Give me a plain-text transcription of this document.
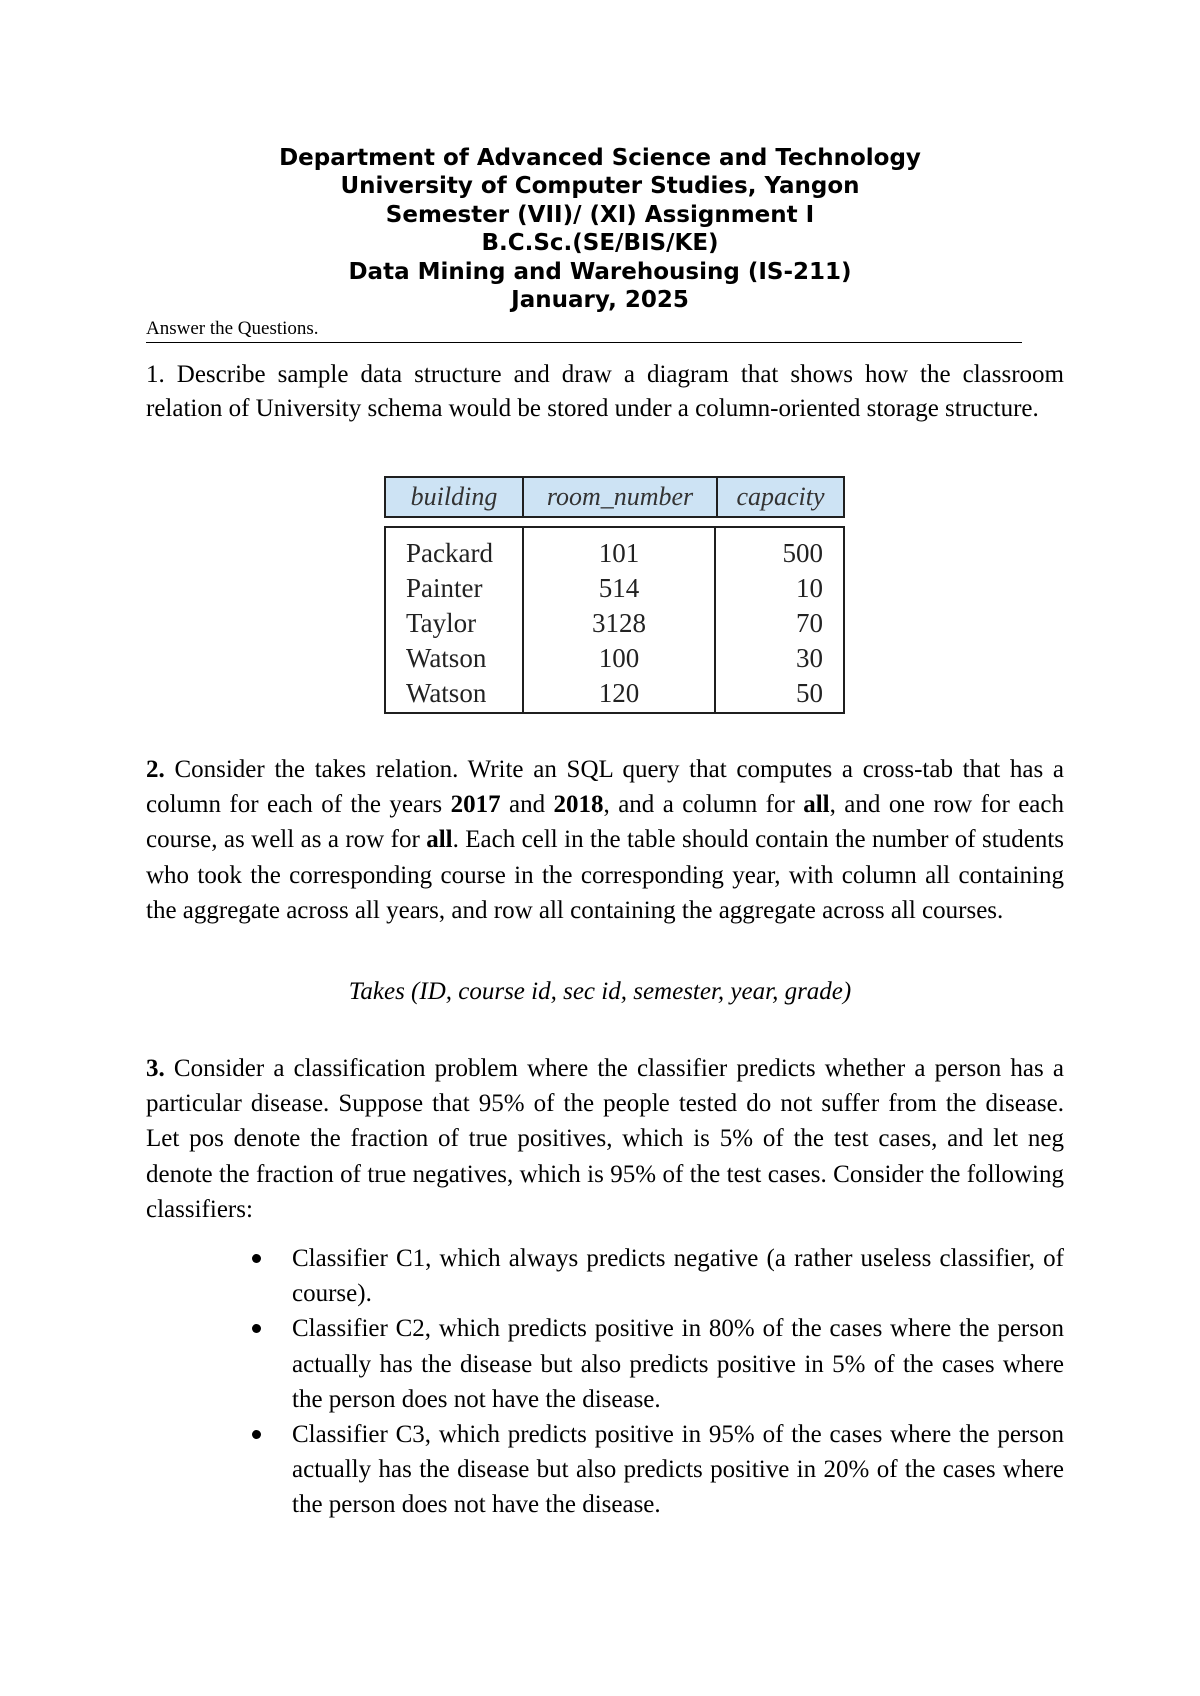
Department of Advanced Science and Technology
University of Computer Studies, Yangon
Semester (VII)/ (XI) Assignment I
B.C.Sc.(SE/BIS/KE)
Data Mining and Warehousing (IS-211)
January, 2025
Answer the Questions.
1. Describe sample data structure and draw a diagram that shows how the classroom relation of University schema would be stored under a column-oriented storage structure.
building	room_number	capacity
Packard
Painter
Taylor
Watson
Watson
101
514
3128
100
120
500
10
70
30
50
2. Consider the takes relation. Write an SQL query that computes a cross-tab that has a column for each of the years 2017 and 2018, and a column for all, and one row for each course, as well as a row for all. Each cell in the table should contain the number of students who took the corresponding course in the corresponding year, with column all containing the aggregate across all years, and row all containing the aggregate across all courses.
Takes (ID, course id, sec id, semester, year, grade)
3. Consider a classification problem where the classifier predicts whether a person has a particular disease. Suppose that 95% of the people tested do not suffer from the disease. Let pos denote the fraction of true positives, which is 5% of the test cases, and let neg denote the fraction of true negatives, which is 95% of the test cases. Consider the following classifiers:
Classifier C1, which always predicts negative (a rather useless classifier, of course).
Classifier C2, which predicts positive in 80% of the cases where the person actually has the disease but also predicts positive in 5% of the cases where the person does not have the disease.
Classifier C3, which predicts positive in 95% of the cases where the person actually has the disease but also predicts positive in 20% of the cases where the person does not have the disease.
